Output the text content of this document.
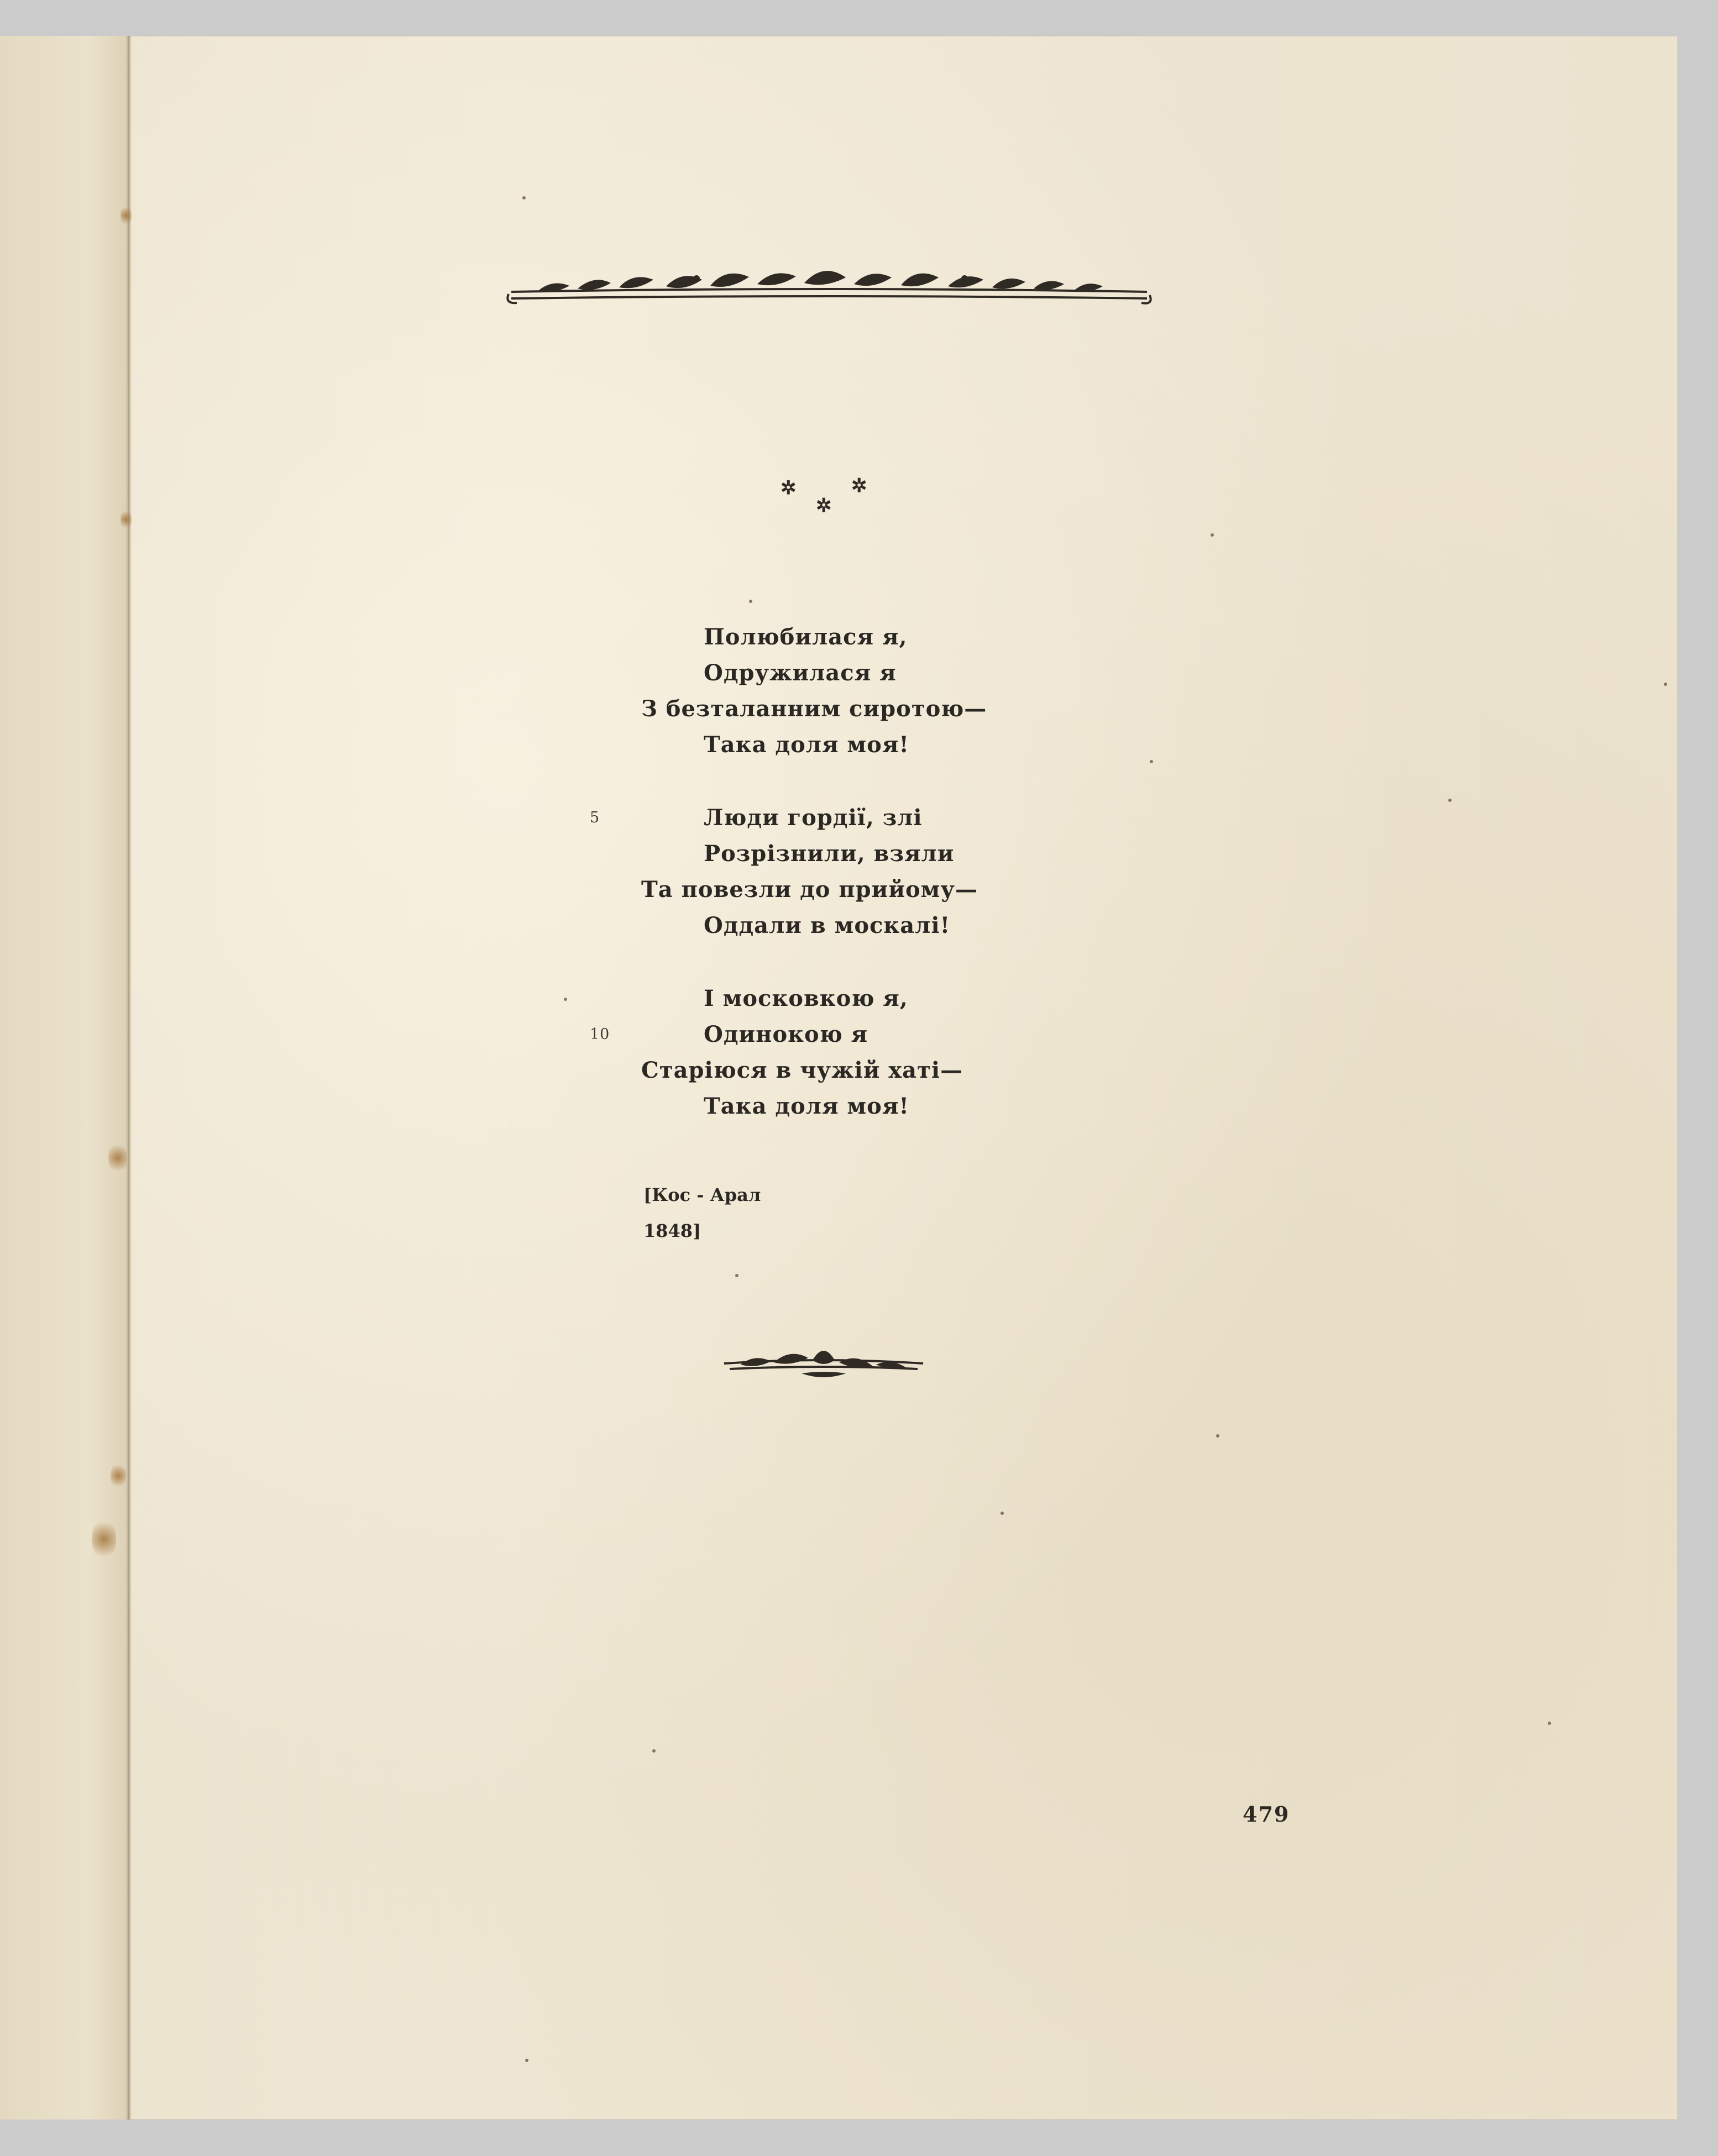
✲	✲
✲
Полюбилася я,
Одружилася я
З безталанним сиротою—
Така доля моя!
5	Люди гордії, злі
Розрізнили, взяли
Та повезли до прийому—
Оддали в москалі!
І московкою я,
10	Одинокою я
Старіюся в чужій хаті—
Така доля моя!
[Кос - Арал
1848]
479
